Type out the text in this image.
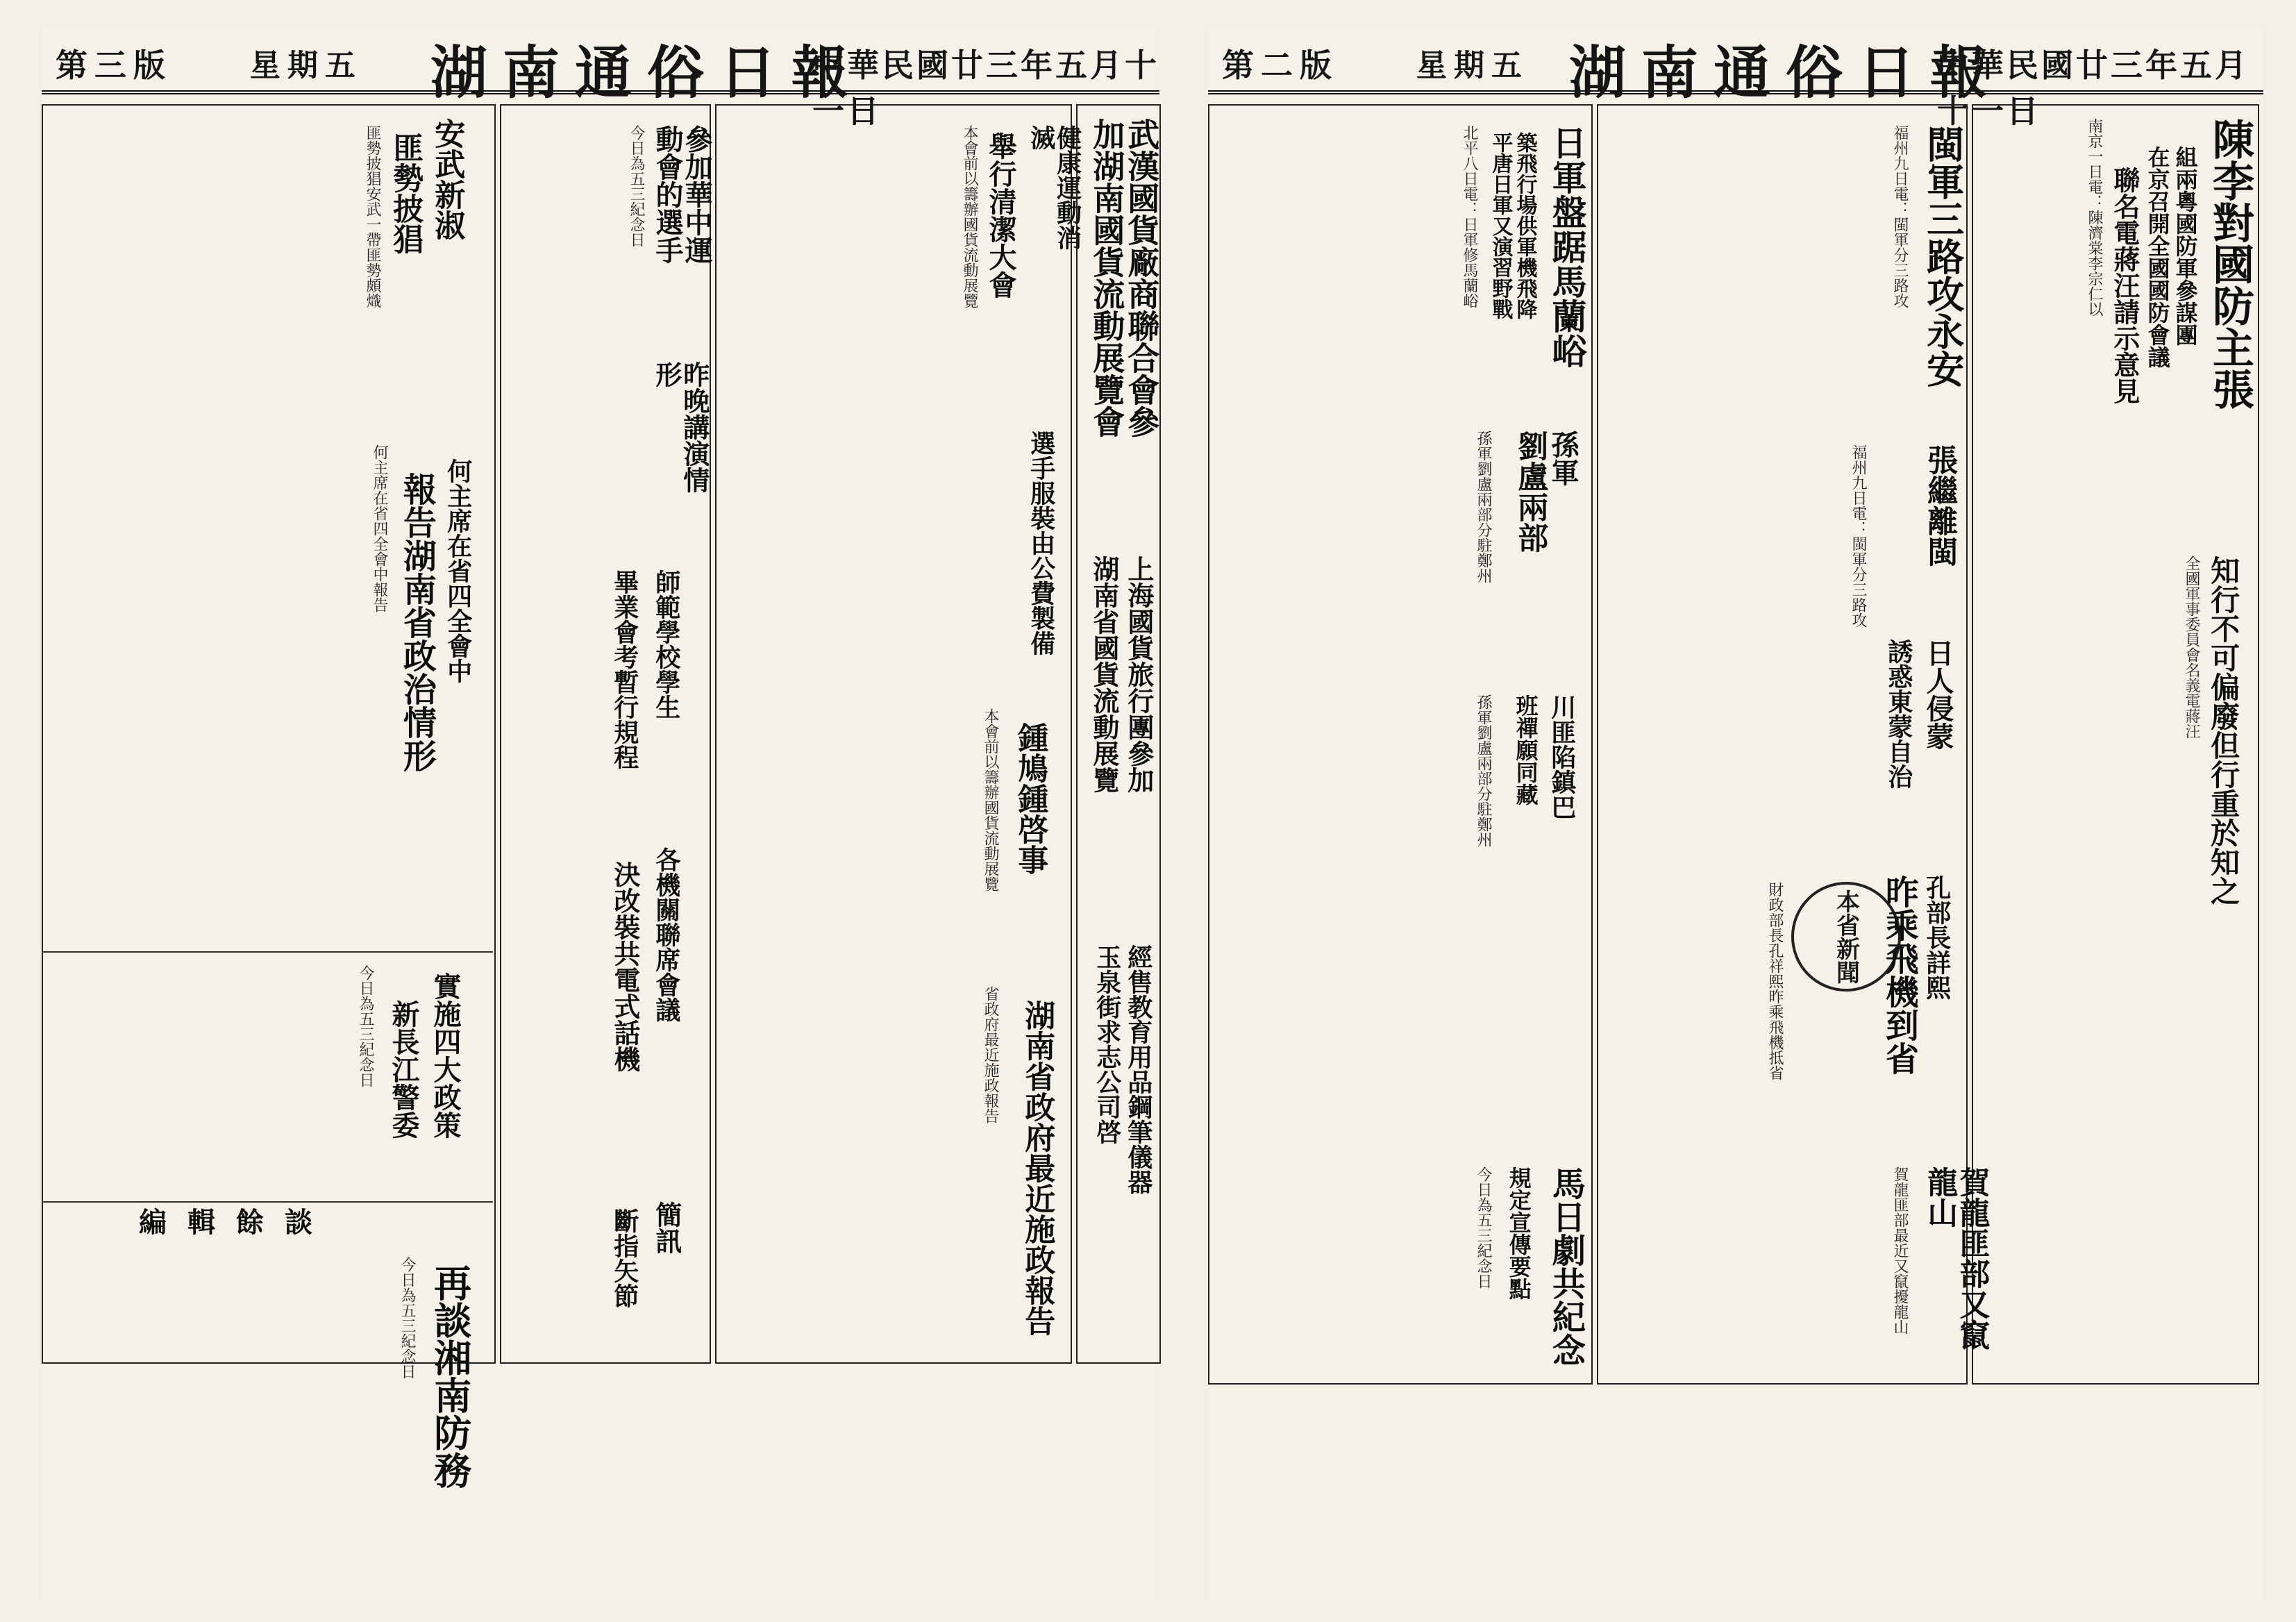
第三版	星期五 湖南通俗日報
中華民國廿三年五月十一日
安武新淑
匪勢披猖
匪勢披猖安武一帶匪勢頗熾
何主席在省四全會中
報告湖南省政治情形
何主席在省四全會中報告
實施四大政策
新長江警委
今日為五三紀念日
編輯餘談
再談湘南防務
今日為五三紀念日
參加華中運動會的選手
今日為五三紀念日
昨晚講演情形
師範學校學生
畢業會考暫行規程
各機關聯席會議
決改裝共電式話機
簡訊
斷指矢節
健康運動消滅
舉行清潔大會
本會前以籌辦國貨流動展覽
選手服裝由公費製備
鍾鳩鍾啓事
本會前以籌辦國貨流動展覽
湖南省政府最近施政報告
省政府最近施政報告
武漢國貨廠商聯合會參
加湖南國貨流動展覽會
上海國貨旅行團參加
湖南省國貨流動展覽
經售教育用品鋼筆儀器
玉泉街求志公司啓
第二版	星期五 湖南通俗日報
中華民國廿三年五月十一日
陳李對國防主張
組兩粵國防軍參謀團
在京召開全國國防會議
聯名電蔣汪請示意見
南京一日電：陳濟棠李宗仁以
知行不可偏廢但行重於知之
全國軍事委員會名義電蔣汪
閩軍三路攻永安
福州九日電：閩軍分三路攻
張繼離閩
日人侵蒙
誘惑東蒙自治
福州九日電：閩軍分三路攻
本省新聞	孔部長詳熙
昨乘飛機到省
財政部長孔祥熙昨乘飛機抵省
賀龍匪部又竄龍山
賀龍匪部最近又竄擾龍山
日軍盤踞馬蘭峪
築飛行場供軍機飛降
平唐日軍又演習野戰
北平八日電：日軍修馬蘭峪
孫軍
劉盧兩部
孫軍劉盧兩部分駐鄭州
川匪陷鎮巴
班禪願同藏
孫軍劉盧兩部分駐鄭州
馬日劇共紀念
規定宣傳要點
今日為五三紀念日
